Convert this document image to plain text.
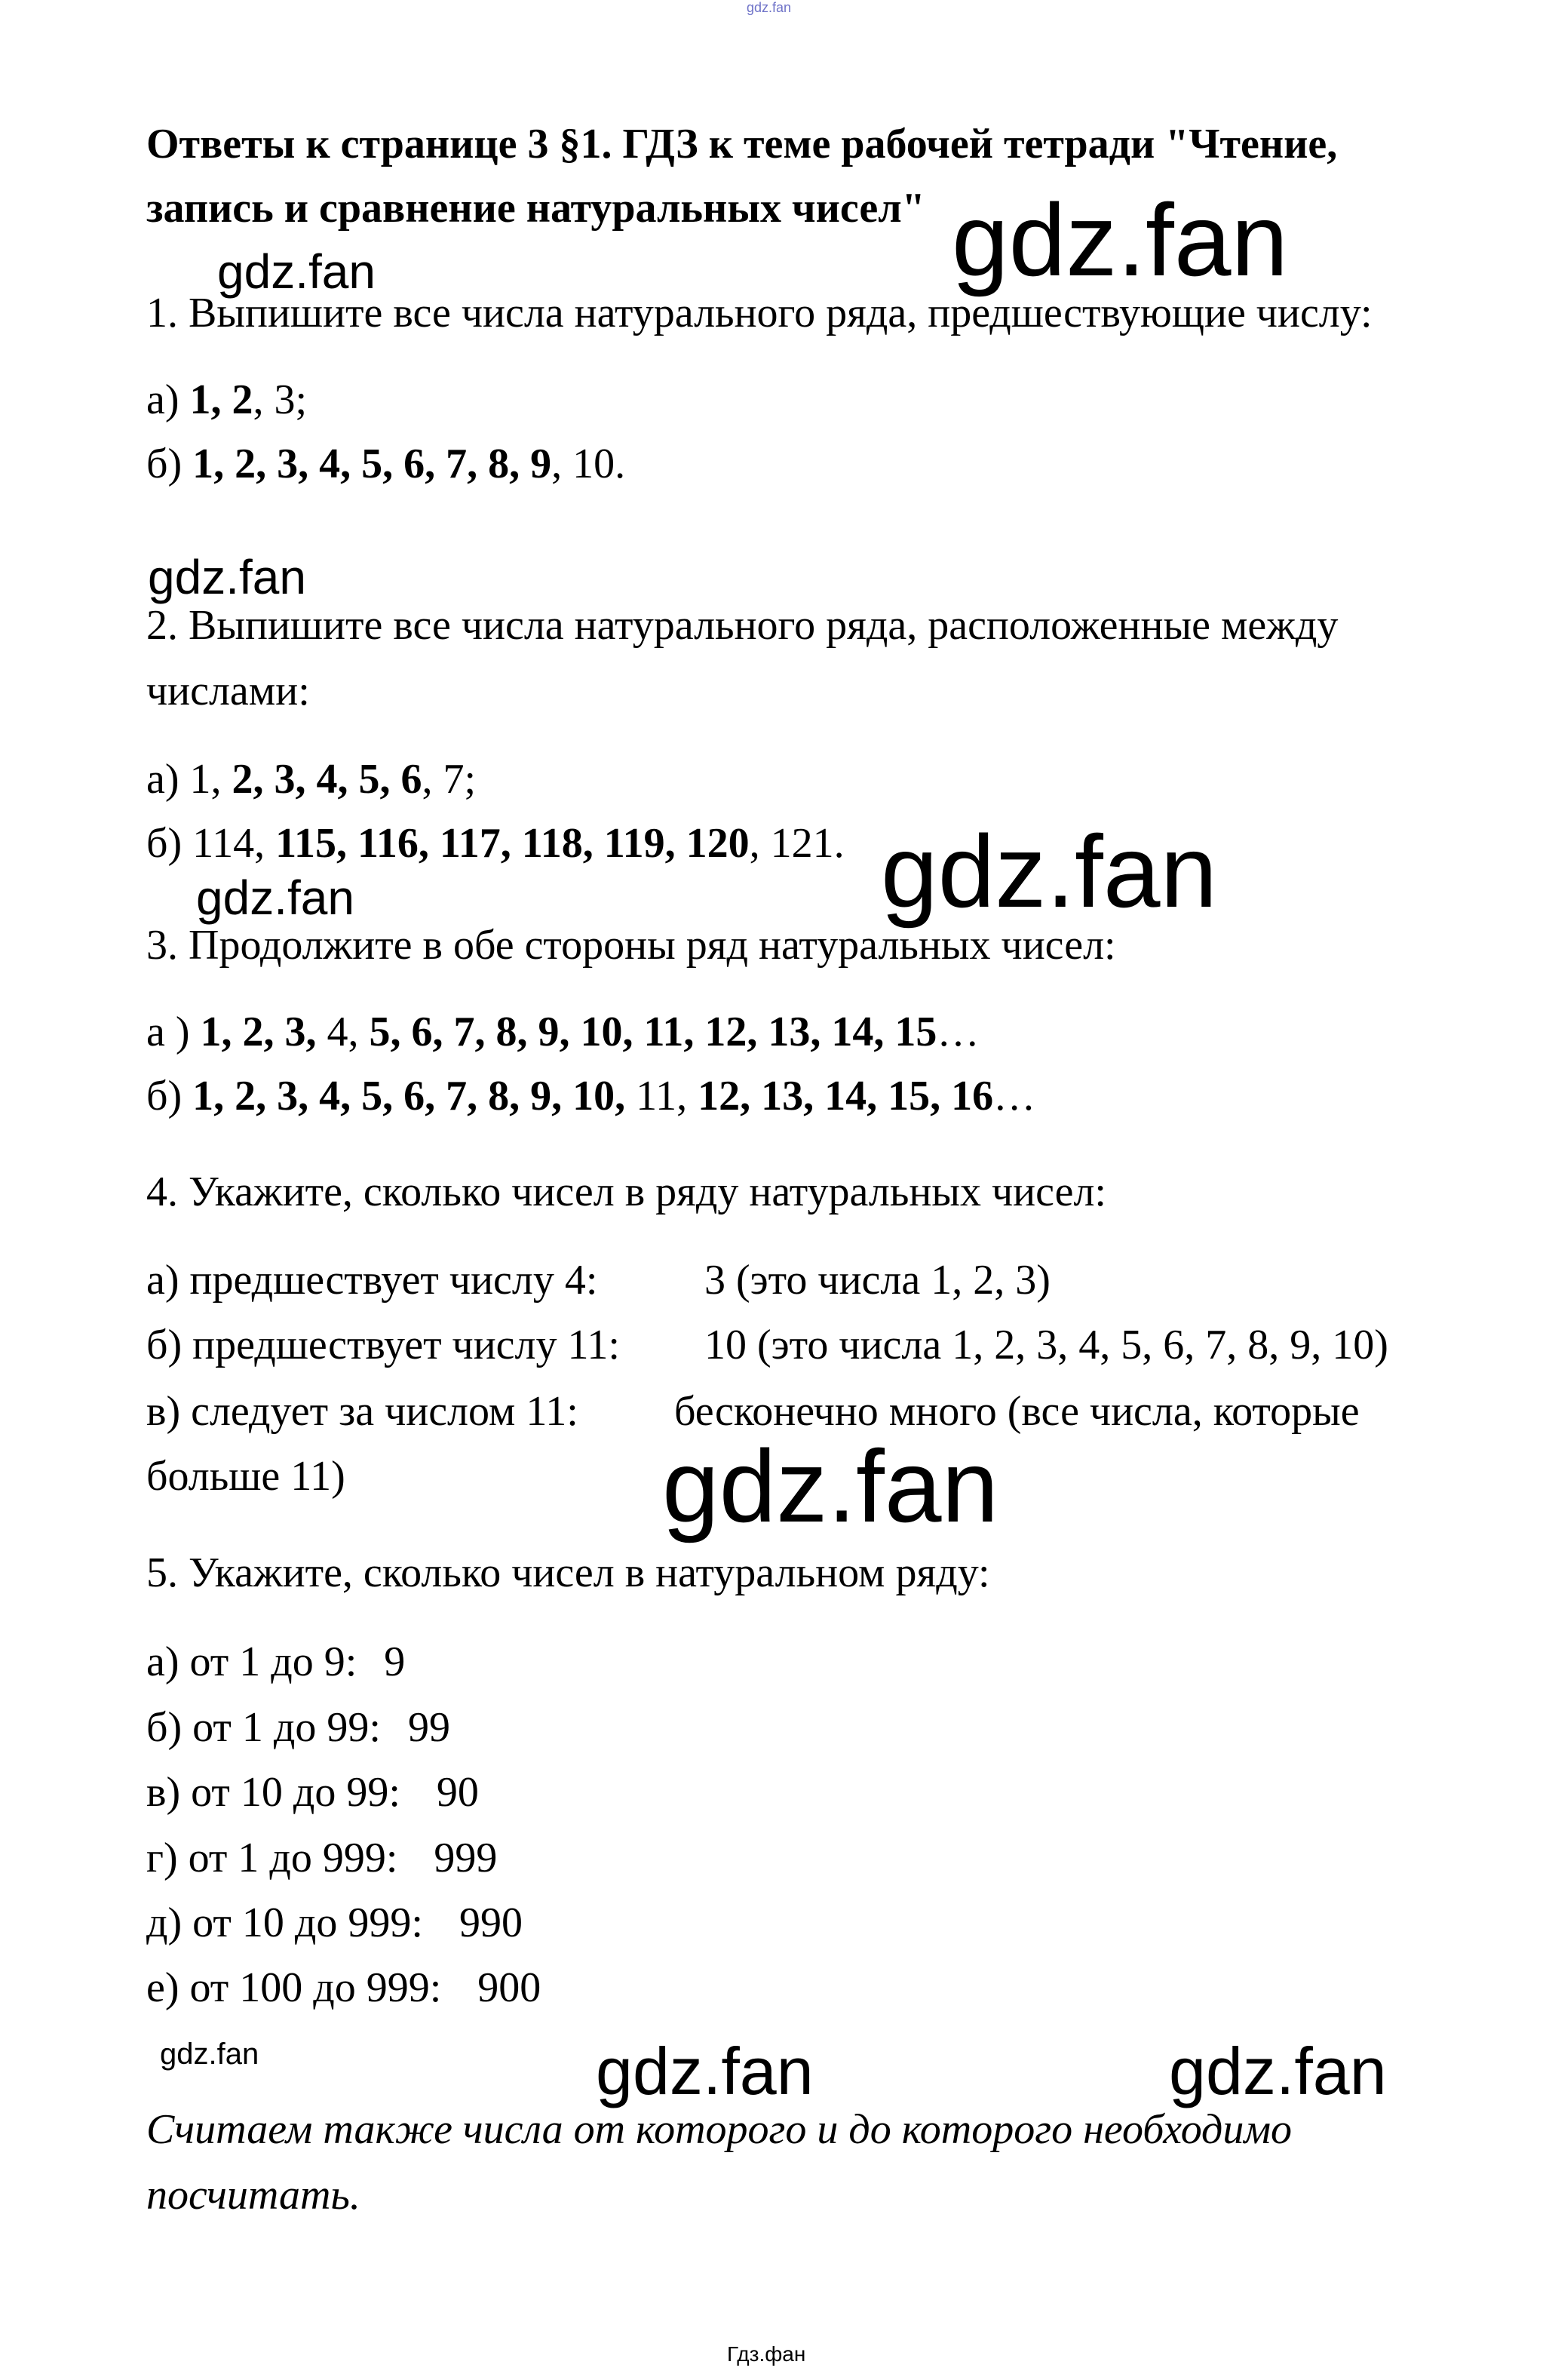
gdz.fan
Ответы к странице 3 §1. ГДЗ к теме рабочей тетради "Чтение,
запись и сравнение натуральных чисел" gdz.fan
gdz.fan
gdz.fan
gdz.fan
gdz.fan
gdz.fan
gdz.fan	gdz.fan	gdz.fan
1. Выпишите все числа натурального ряда, предшествующие числу:
а) 1, 2, 3;
б) 1, 2, 3, 4, 5, 6, 7, 8, 9, 10.
2. Выпишите все числа натурального ряда, расположенные между
числами:
а) 1, 2, 3, 4, 5, 6, 7;
б) 114, 115, 116, 117, 118, 119, 120, 121.
3. Продолжите в обе стороны ряд натуральных чисел:
а ) 1, 2, 3, 4, 5, 6, 7, 8, 9, 10, 11, 12, 13, 14, 15…
б) 1, 2, 3, 4, 5, 6, 7, 8, 9, 10, 11, 12, 13, 14, 15, 16…
4. Укажите, сколько чисел в ряду натуральных чисел:
а) предшествует числу 4:	3 (это числа 1, 2, 3)
б) предшествует числу 11: 10 (это числа 1, 2, 3, 4, 5, 6, 7, 8, 9, 10)
в) следует за числом 11: бесконечно много (все числа, которые
больше 11)
5. Укажите, сколько чисел в натуральном ряду:
а) от 1 до 9: 9
б) от 1 до 99: 99
в) от 10 до 99: 90
г) от 1 до 999: 999
д) от 10 до 999: 990
е) от 100 до 999: 900
Считаем также числа от которого и до которого необходимо
посчитать.
Гдз.фан
